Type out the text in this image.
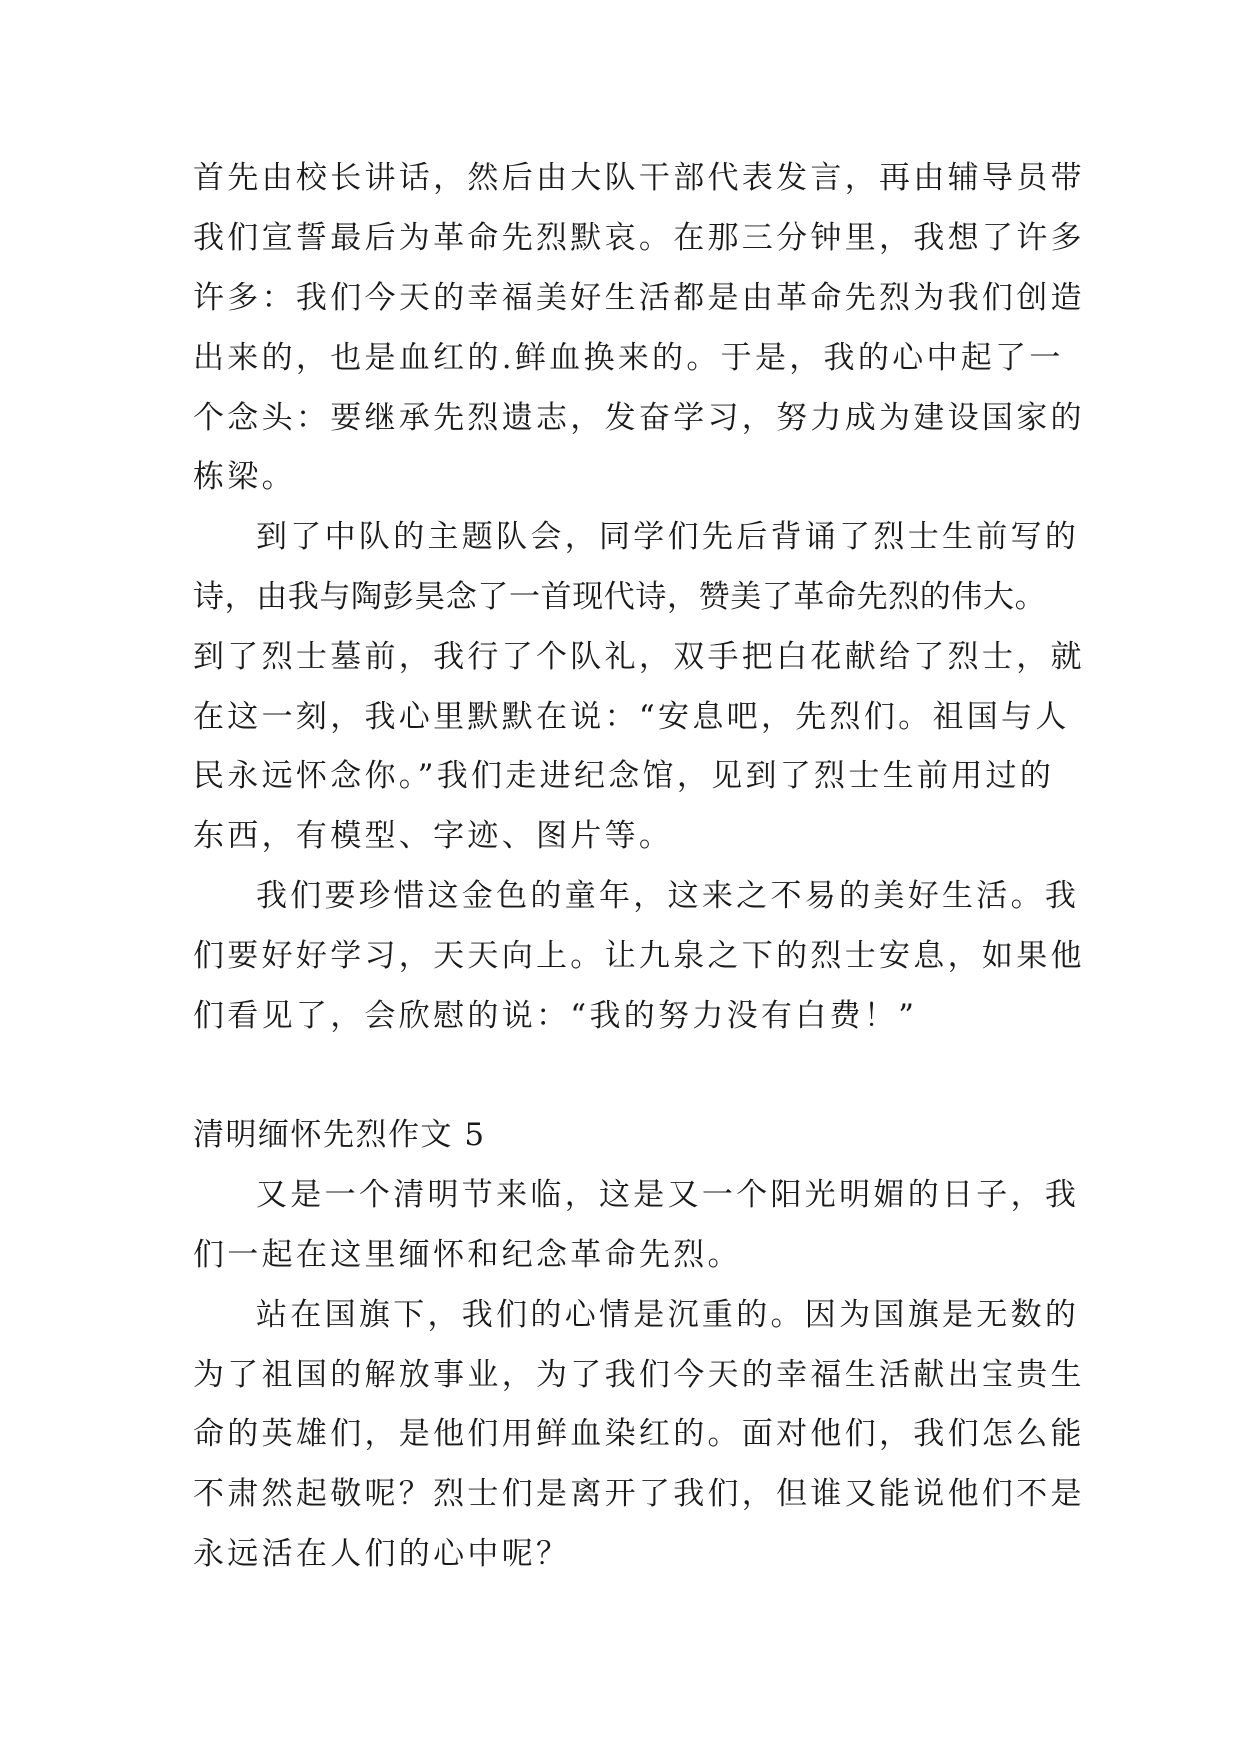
首先由校长讲话，然后由大队干部代表发言，再由辅导员带
我们宣誓最后为革命先烈默哀。在那三分钟里，我想了许多
许多：我们今天的幸福美好生活都是由革命先烈为我们创造
出来的，也是血红的.鲜血换来的。于是，我的心中起了一
个念头：要继承先烈遗志，发奋学习，努力成为建设国家的
栋梁。
到了中队的主题队会，同学们先后背诵了烈士生前写的
诗，由我与陶彭昊念了一首现代诗，赞美了革命先烈的伟大。
到了烈士墓前，我行了个队礼，双手把白花献给了烈士，就
在这一刻，我心里默默在说：“安息吧，先烈们。祖国与人
民永远怀念你。”我们走进纪念馆，见到了烈士生前用过的
东西，有模型、字迹、图片等。
我们要珍惜这金色的童年，这来之不易的美好生活。我
们要好好学习，天天向上。让九泉之下的烈士安息，如果他
们看见了，会欣慰的说：“我的努力没有白费！”
清明缅怀先烈作文 5
又是一个清明节来临，这是又一个阳光明媚的日子，我
们一起在这里缅怀和纪念革命先烈。
站在国旗下，我们的心情是沉重的。因为国旗是无数的
为了祖国的解放事业，为了我们今天的幸福生活献出宝贵生
命的英雄们，是他们用鲜血染红的。面对他们，我们怎么能
不肃然起敬呢？烈士们是离开了我们，但谁又能说他们不是
永远活在人们的心中呢？
